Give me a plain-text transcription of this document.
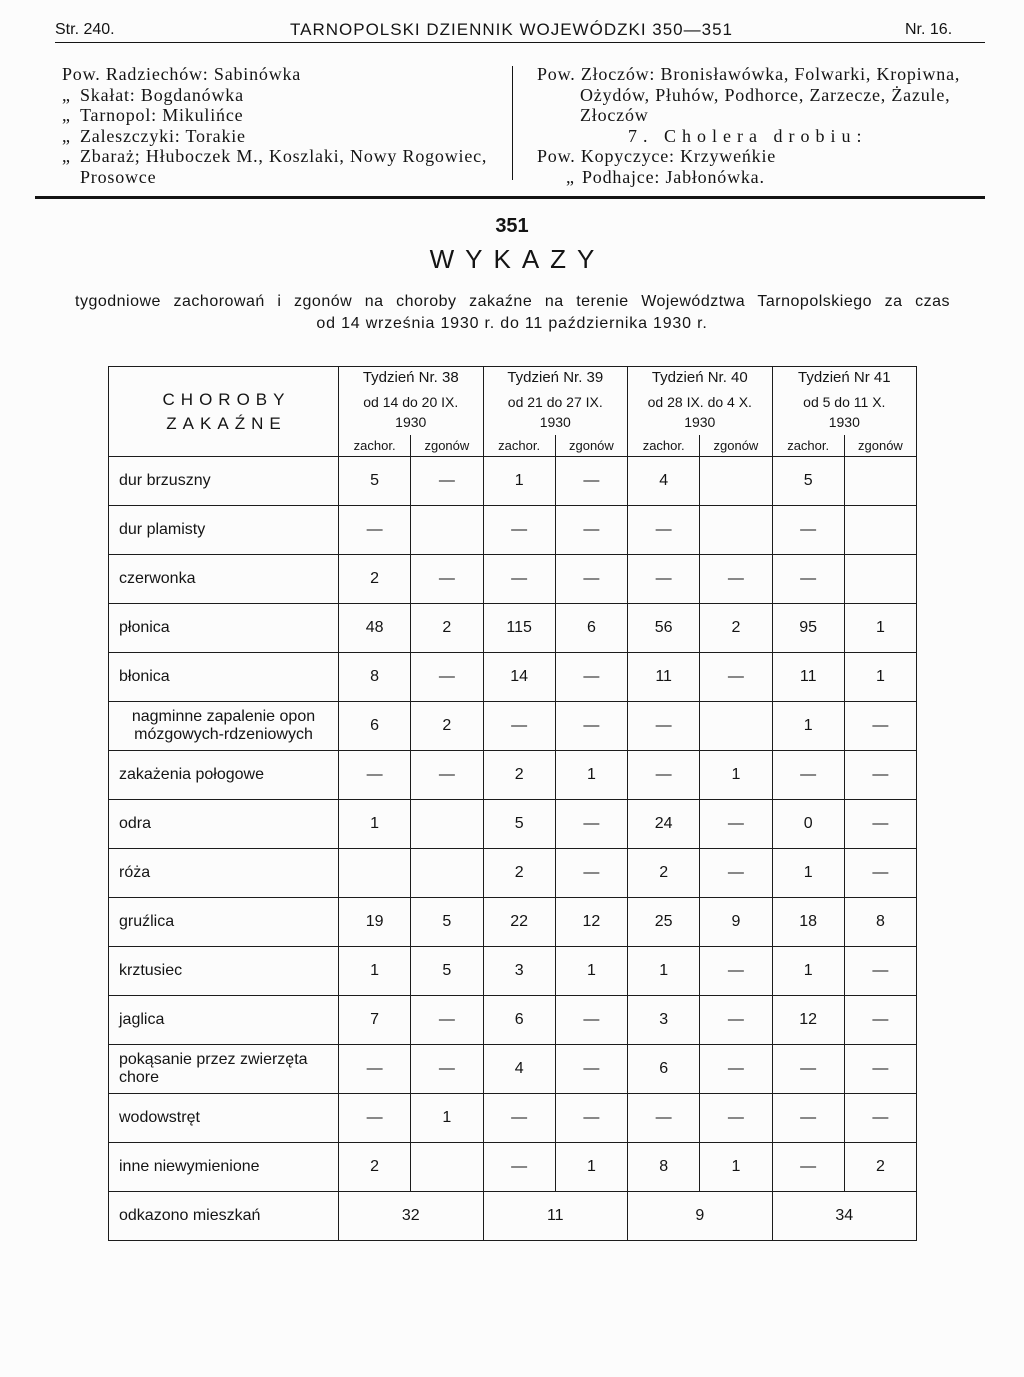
Str. 240.	TARNOPOLSKI DZIENNIK WOJEWÓDZKI 350—351	Nr. 16.
Pow. Radziechów: Sabinówka
„ Skałat: Bogdanówka
„ Tarnopol: Mikulińce
„ Zaleszczyki: Torakie
„ Zbaraż; Hłuboczek M., Koszlaki, Nowy Rogowiec,
Prosowce
Pow. Złoczów: Bronisławówka, Folwarki, Kropiwna,
Ożydów, Płuhów, Podhorce, Zarzecze, Żazule,
Złoczów
7. Cholera drobiu:
Pow. Kopyczyce: Krzyweńkie
„ Podhajce: Jabłonówka.
351
WYKAZY
tygodniowe zachorowań i zgonów na choroby zakaźne na terenie Województwa Tarnopolskiego za czas
od 14 września 1930 r. do 11 października 1930 r.
CHOROBY
ZAKAŹNE	Tydzień Nr. 38		Tydzień Nr. 39		Tydzień Nr. 40		Tydzień Nr 41	
	od 14 do 20 IX.
1930		od 21 do 27 IX.
1930		od 28 IX. do 4 X.
1930		od 5 do 11 X.
1930	
	zachor.	zgonów	zachor.	zgonów	zachor.	zgonów	zachor.	zgonów
dur brzuszny	5	—	1	—	4		5	
dur plamisty	—		—	—	—		—	
czerwonka	2	—	—	—	—	—	—	
płonica	48	2	115	6	56	2	95	1
błonica	8	—	14	—	11	—	11	1
nagminne zapalenie opon
mózgowych-rdzeniowych	6	2	—	—	—		1	—
zakażenia połogowe	—	—	2	1	—	1	—	—
odra	1		5	—	24	—	0	—
róża			2	—	2	—	1	—
gruźlica	19	5	22	12	25	9	18	8
krztusiec	1	5	3	1	1	—	1	—
jaglica	7	—	6	—	3	—	12	—
pokąsanie przez zwierzęta
chore	—	—	4	—	6	—	—	—
wodowstręt	—	1	—	—	—	—	—	—
inne niewymienione	2		—	1	8	1	—	2
odkazono mieszkań	32		11		9		34	
